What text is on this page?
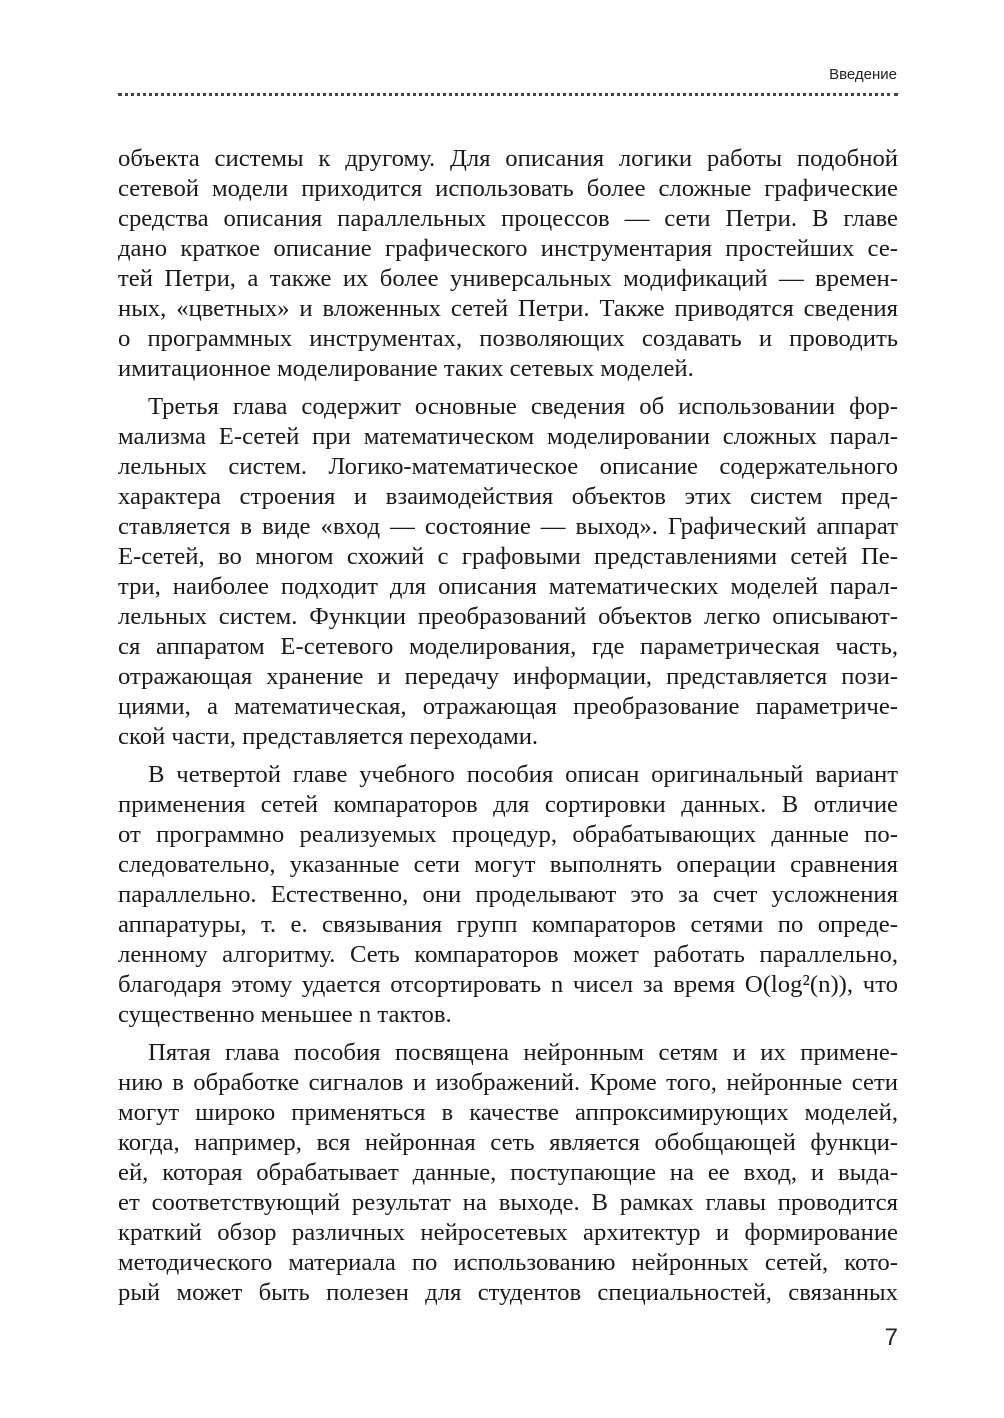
Введение
объекта системы к другому. Для описания логики работы подобной
сетевой модели приходится использовать более сложные графические
средства описания параллельных процессов — сети Петри. В главе
дано краткое описание графического инструментария простейших се-
тей Петри, а также их более универсальных модификаций — времен-
ных, «цветных» и вложенных сетей Петри. Также приводятся сведения
о программных инструментах, позволяющих создавать и проводить
имитационное моделирование таких сетевых моделей.
Третья глава содержит основные сведения об использовании фор-
мализма E-сетей при математическом моделировании сложных парал-
лельных систем. Логико-математическое описание содержательного
характера строения и взаимодействия объектов этих систем пред-
ставляется в виде «вход — состояние — выход». Графический аппарат
E-сетей, во многом схожий с графовыми представлениями сетей Пе-
три, наиболее подходит для описания математических моделей парал-
лельных систем. Функции преобразований объектов легко описывают-
ся аппаратом E-сетевого моделирования, где параметрическая часть,
отражающая хранение и передачу информации, представляется пози-
циями, а математическая, отражающая преобразование параметриче-
ской части, представляется переходами.
В четвертой главе учебного пособия описан оригинальный вариант
применения сетей компараторов для сортировки данных. В отличие
от программно реализуемых процедур, обрабатывающих данные по-
следовательно, указанные сети могут выполнять операции сравнения
параллельно. Естественно, они проделывают это за счет усложнения
аппаратуры, т. е. связывания групп компараторов сетями по опреде-
ленному алгоритму. Сеть компараторов может работать параллельно,
благодаря этому удается отсортировать n чисел за время O(log²(n)), что
существенно меньшее n тактов.
Пятая глава пособия посвящена нейронным сетям и их примене-
нию в обработке сигналов и изображений. Кроме того, нейронные сети
могут широко применяться в качестве аппроксимирующих моделей,
когда, например, вся нейронная сеть является обобщающей функци-
ей, которая обрабатывает данные, поступающие на ее вход, и выда-
ет соответствующий результат на выходе. В рамках главы проводится
краткий обзор различных нейросетевых архитектур и формирование
методического материала по использованию нейронных сетей, кото-
рый может быть полезен для студентов специальностей, связанных
7
